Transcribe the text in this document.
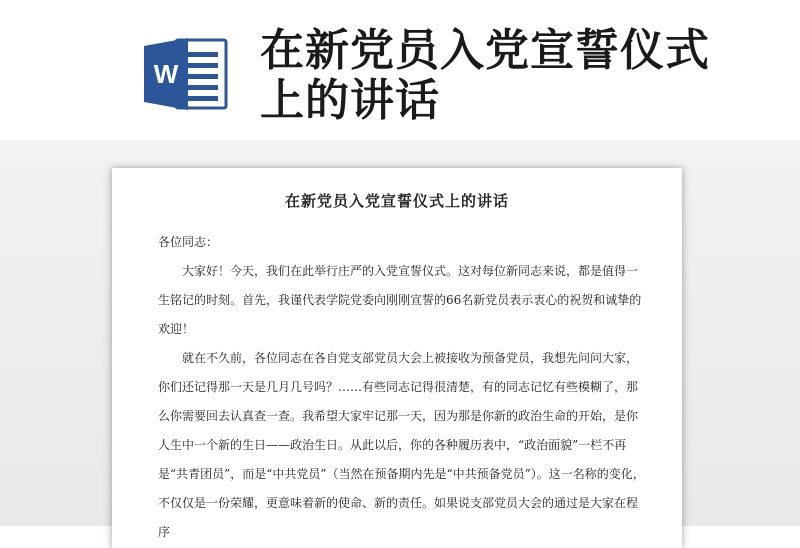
W 在新党员入党宣誓仪式上的讲话
在新党员入党宣誓仪式上的讲话

各位同志：

大家好！今天，我们在此举行庄严的入党宣誓仪式。这对每位新同志来说，都是值得一生铭记的时刻。首先，我谨代表学院党委向刚刚宣誓的66名新党员表示衷心的祝贺和诚挚的欢迎！

就在不久前，各位同志在各自党支部党员大会上被接收为预备党员，我想先问问大家，你们还记得那一天是几月几号吗？……有些同志记得很清楚，有的同志记忆有些模糊了，那么你需要回去认真查一查。我希望大家牢记那一天，因为那是你新的政治生命的开始，是你人生中一个新的生日——政治生日。从此以后，你的各种履历表中，“政治面貌”一栏不再是“共青团员”，而是“中共党员”（当然在预备期内先是“中共预备党员”）。这一名称的变化，不仅仅是一份荣耀，更意味着新的使命、新的责任。如果说支部党员大会的通过是大家在程序
